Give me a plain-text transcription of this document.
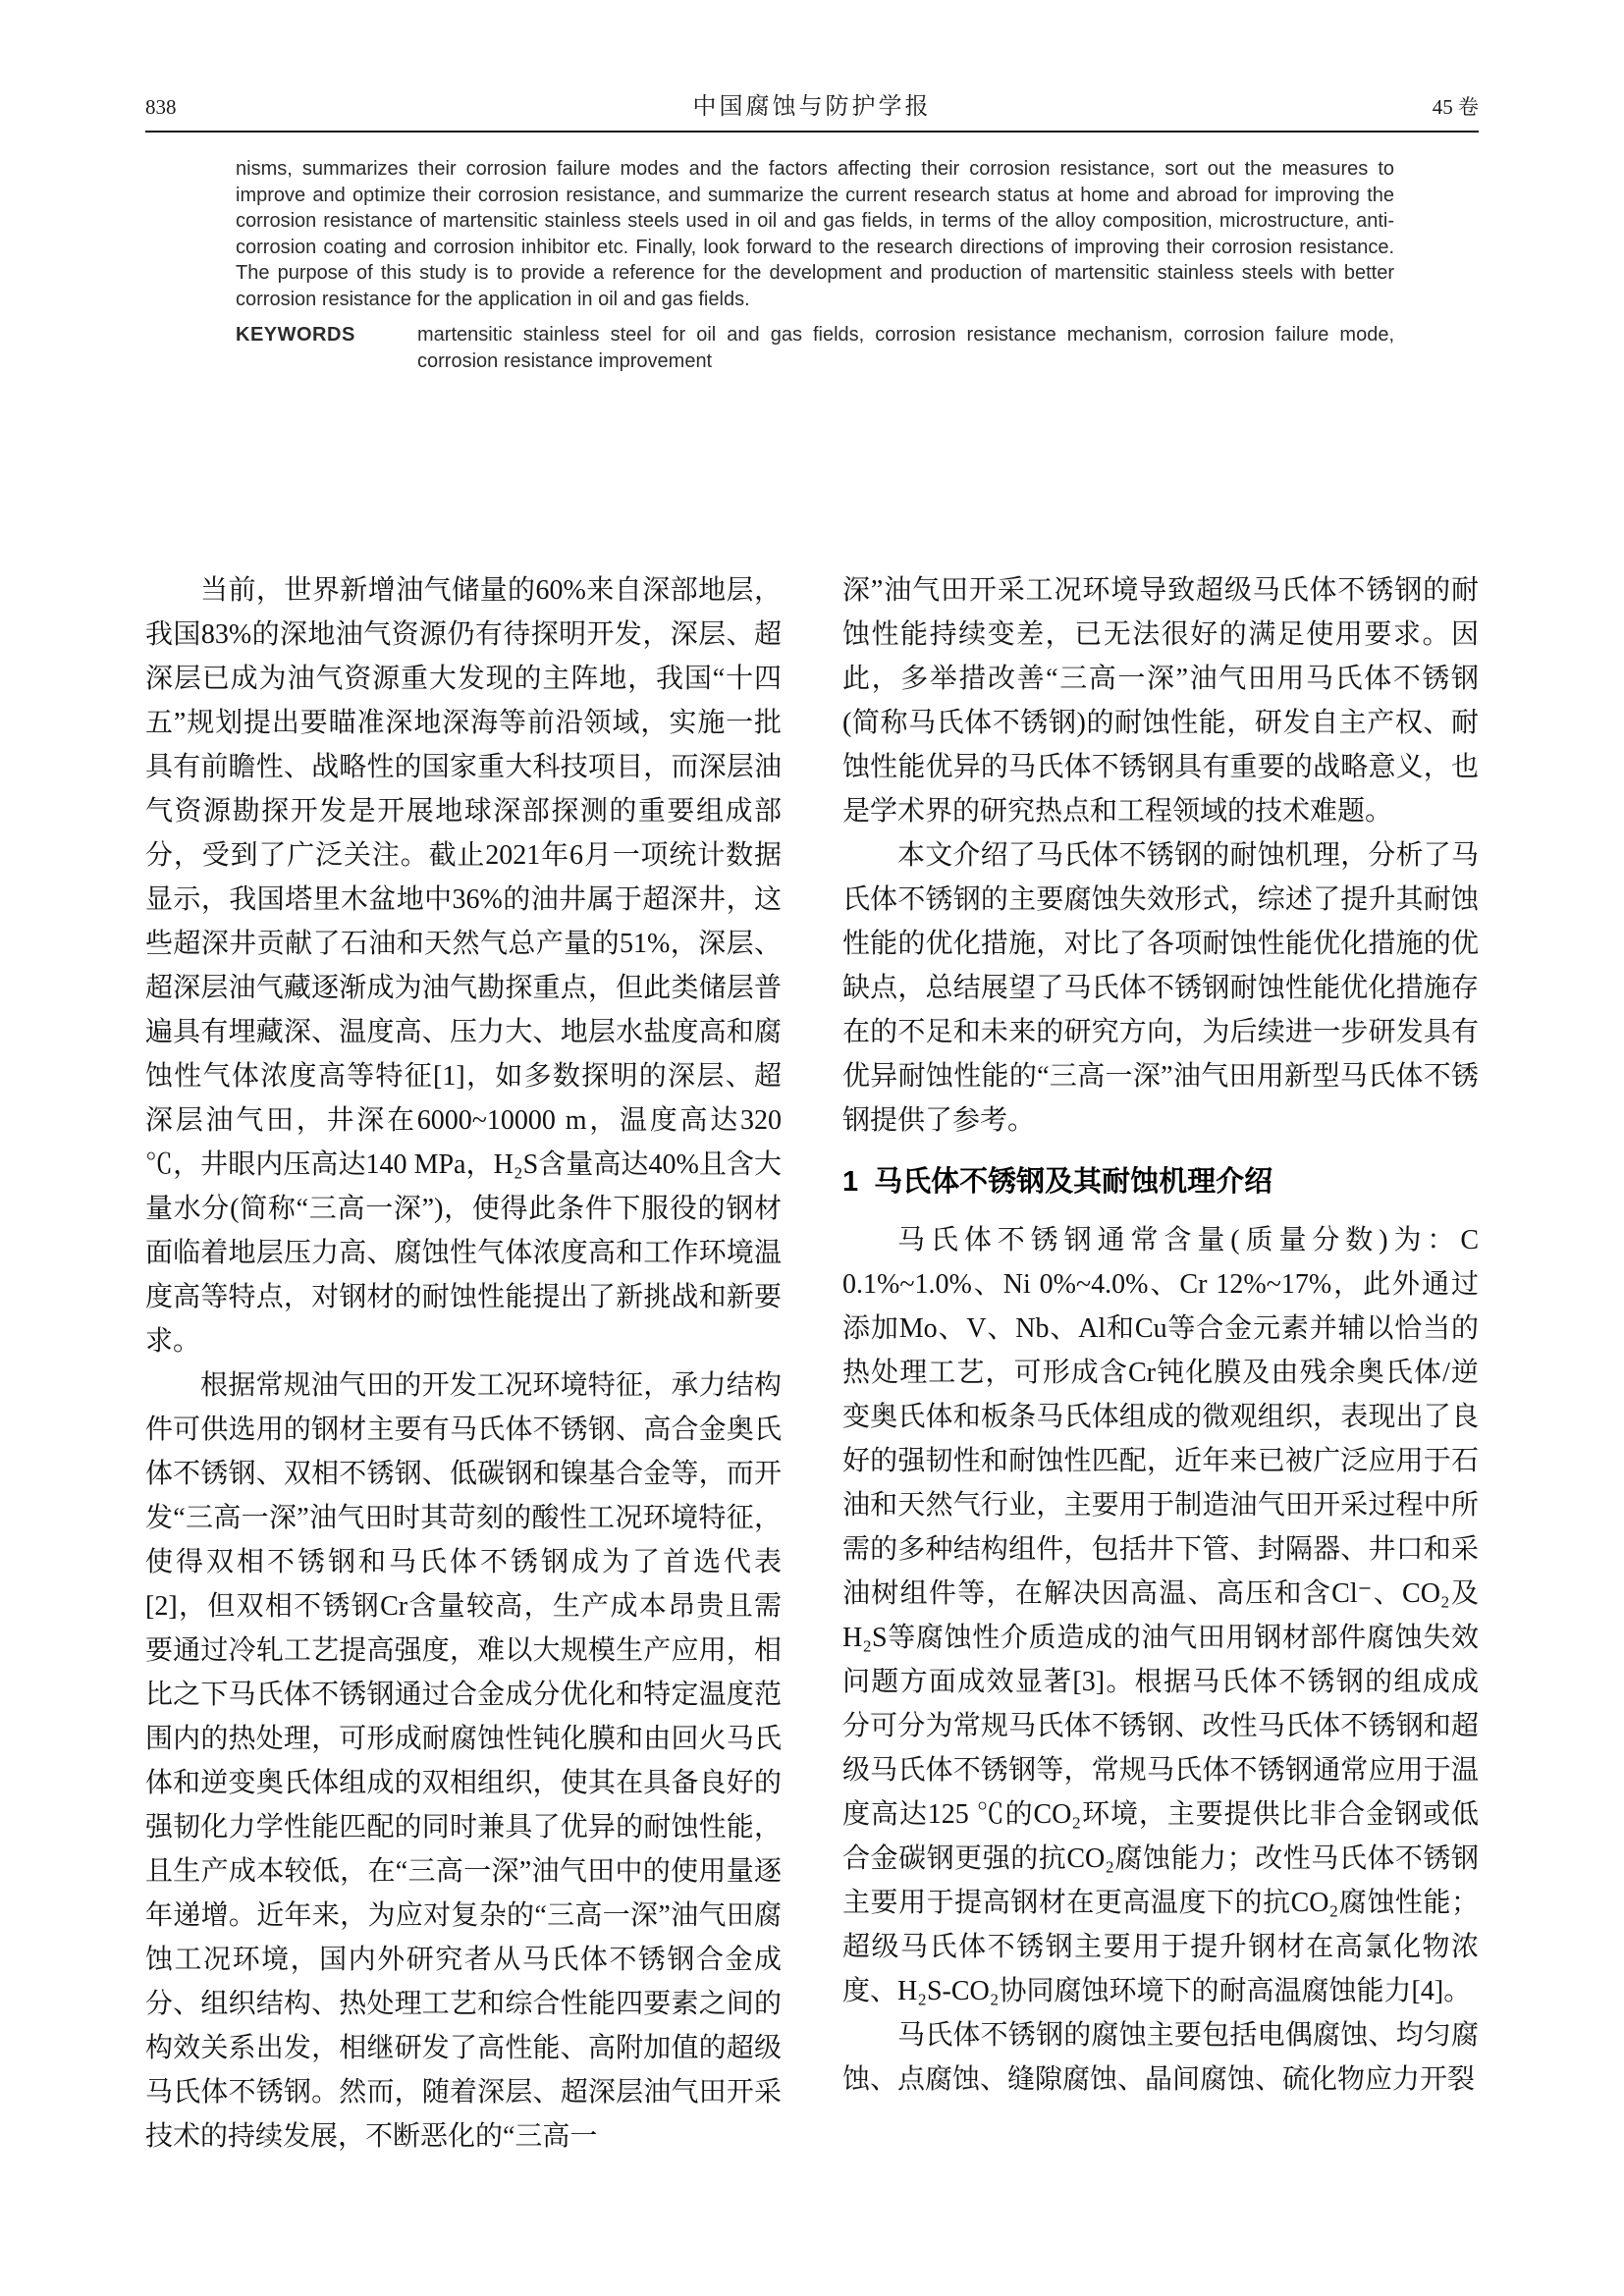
838	中国腐蚀与防护学报	45 卷

nisms, summarizes their corrosion failure modes and the factors affecting their corrosion resistance, sort out the measures to improve and optimize their corrosion resistance, and summarize the current research status at home and abroad for improving the corrosion resistance of martensitic stainless steels used in oil and gas fields, in terms of the alloy composition, microstructure, anti-corrosion coating and corrosion inhibitor etc. Finally, look forward to the research directions of improving their corrosion resistance. The purpose of this study is to provide a reference for the development and production of martensitic stainless steels with better corrosion resistance for the application in oil and gas fields.

KEYWORDS	martensitic stainless steel for oil and gas fields, corrosion resistance mechanism, corrosion failure mode, corrosion resistance improvement

当前，世界新增油气储量的60%来自深部地层，我国83%的深地油气资源仍有待探明开发，深层、超深层已成为油气资源重大发现的主阵地，我国“十四五”规划提出要瞄准深地深海等前沿领域，实施一批具有前瞻性、战略性的国家重大科技项目，而深层油气资源勘探开发是开展地球深部探测的重要组成部分，受到了广泛关注。截止2021年6月一项统计数据显示，我国塔里木盆地中36%的油井属于超深井，这些超深井贡献了石油和天然气总产量的51%，深层、超深层油气藏逐渐成为油气勘探重点，但此类储层普遍具有埋藏深、温度高、压力大、地层水盐度高和腐蚀性气体浓度高等特征[1]，如多数探明的深层、超深层油气田，井深在6000~10000 m，温度高达320 ℃，井眼内压高达140 MPa，H₂S含量高达40%且含大量水分(简称“三高一深”)，使得此条件下服役的钢材面临着地层压力高、腐蚀性气体浓度高和工作环境温度高等特点，对钢材的耐蚀性能提出了新挑战和新要求。

根据常规油气田的开发工况环境特征，承力结构件可供选用的钢材主要有马氏体不锈钢、高合金奥氏体不锈钢、双相不锈钢、低碳钢和镍基合金等，而开发“三高一深”油气田时其苛刻的酸性工况环境特征，使得双相不锈钢和马氏体不锈钢成为了首选代表[2]，但双相不锈钢Cr含量较高，生产成本昂贵且需要通过冷轧工艺提高强度，难以大规模生产应用，相比之下马氏体不锈钢通过合金成分优化和特定温度范围内的热处理，可形成耐腐蚀性钝化膜和由回火马氏体和逆变奥氏体组成的双相组织，使其在具备良好的强韧化力学性能匹配的同时兼具了优异的耐蚀性能，且生产成本较低，在“三高一深”油气田中的使用量逐年递增。近年来，为应对复杂的“三高一深”油气田腐蚀工况环境，国内外研究者从马氏体不锈钢合金成分、组织结构、热处理工艺和综合性能四要素之间的构效关系出发，相继研发了高性能、高附加值的超级马氏体不锈钢。然而，随着深层、超深层油气田开采技术的持续发展，不断恶化的“三高一

深”油气田开采工况环境导致超级马氏体不锈钢的耐蚀性能持续变差，已无法很好的满足使用要求。因此，多举措改善“三高一深”油气田用马氏体不锈钢(简称马氏体不锈钢)的耐蚀性能，研发自主产权、耐蚀性能优异的马氏体不锈钢具有重要的战略意义，也是学术界的研究热点和工程领域的技术难题。

本文介绍了马氏体不锈钢的耐蚀机理，分析了马氏体不锈钢的主要腐蚀失效形式，综述了提升其耐蚀性能的优化措施，对比了各项耐蚀性能优化措施的优缺点，总结展望了马氏体不锈钢耐蚀性能优化措施存在的不足和未来的研究方向，为后续进一步研发具有优异耐蚀性能的“三高一深”油气田用新型马氏体不锈钢提供了参考。

1 马氏体不锈钢及其耐蚀机理介绍

马氏体不锈钢通常含量(质量分数)为：C 0.1%~1.0%、Ni 0%~4.0%、Cr 12%~17%，此外通过添加Mo、V、Nb、Al和Cu等合金元素并辅以恰当的热处理工艺，可形成含Cr钝化膜及由残余奥氏体/逆变奥氏体和板条马氏体组成的微观组织，表现出了良好的强韧性和耐蚀性匹配，近年来已被广泛应用于石油和天然气行业，主要用于制造油气田开采过程中所需的多种结构组件，包括井下管、封隔器、井口和采油树组件等，在解决因高温、高压和含Cl⁻、CO₂及H₂S等腐蚀性介质造成的油气田用钢材部件腐蚀失效问题方面成效显著[3]。根据马氏体不锈钢的组成成分可分为常规马氏体不锈钢、改性马氏体不锈钢和超级马氏体不锈钢等，常规马氏体不锈钢通常应用于温度高达125 ℃的CO₂环境，主要提供比非合金钢或低合金碳钢更强的抗CO₂腐蚀能力；改性马氏体不锈钢主要用于提高钢材在更高温度下的抗CO₂腐蚀性能；超级马氏体不锈钢主要用于提升钢材在高氯化物浓度、H₂S-CO₂协同腐蚀环境下的耐高温腐蚀能力[4]。

马氏体不锈钢的腐蚀主要包括电偶腐蚀、均匀腐蚀、点腐蚀、缝隙腐蚀、晶间腐蚀、硫化物应力开裂
